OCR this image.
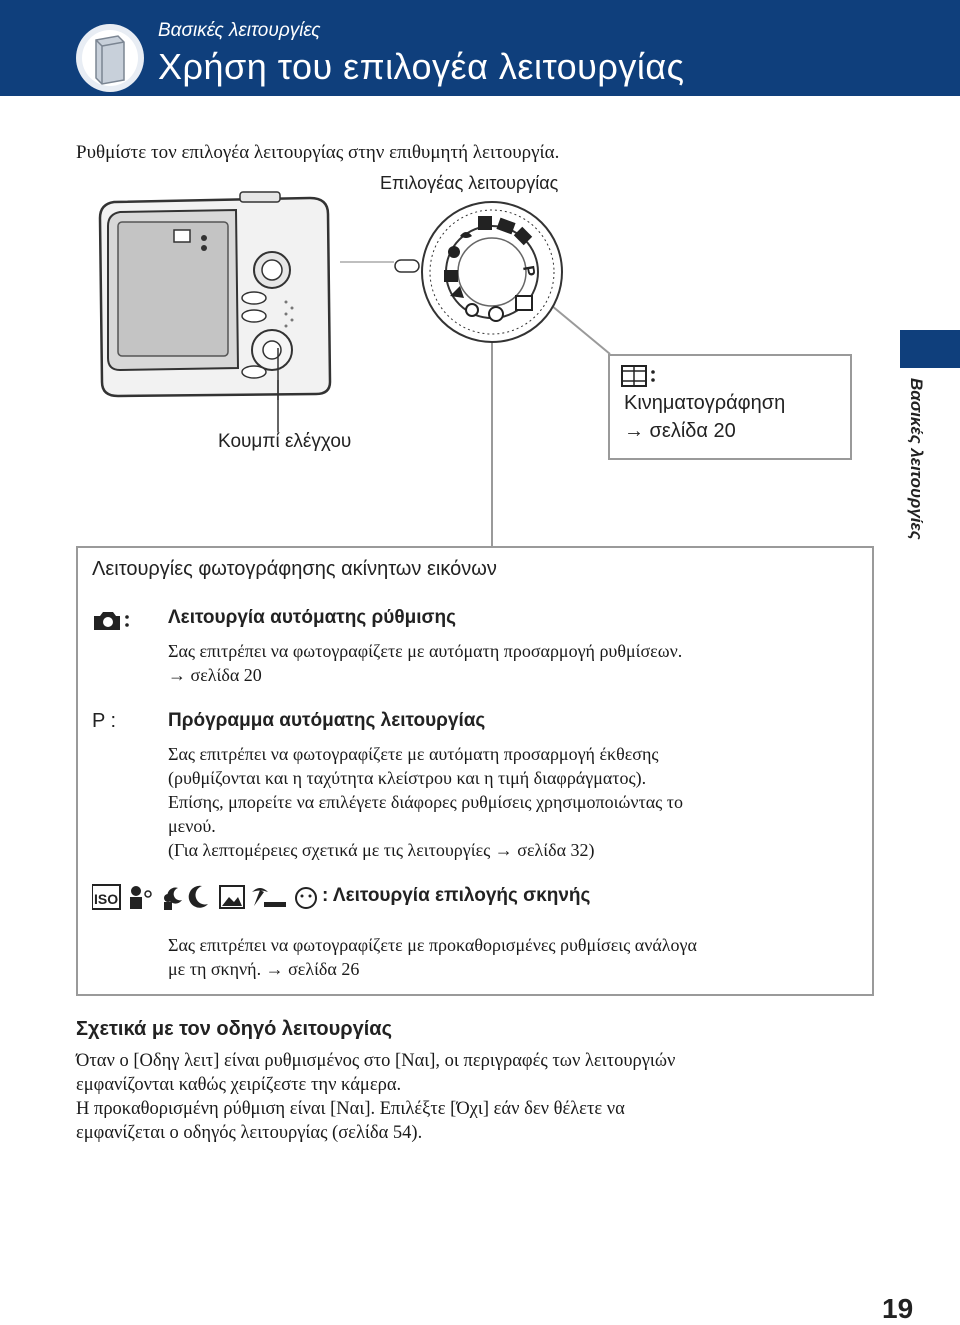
Βασικές λειτουργίες
Χρήση του επιλογέα λειτουργίας
Βασικές λειτουργίες
Ρυθμίστε τον επιλογέα λειτουργίας στην επιθυμητή λειτουργία.
Επιλογέας λειτουργίας
P
Κινηματογράφηση
→ σελίδα 20
Κουμπί ελέγχου
Λειτουργίες φωτογράφησης ακίνητων εικόνων
Λειτουργία αυτόματης ρύθμισης
Σας επιτρέπει να φωτογραφίζετε με αυτόματη προσαρμογή ρυθμίσεων.
→ σελίδα 20
P :	Πρόγραμμα αυτόματης λειτουργίας
Σας επιτρέπει να φωτογραφίζετε με αυτόματη προσαρμογή έκθεσης
(ρυθμίζονται και η ταχύτητα κλείστρου και η τιμή διαφράγματος).
Επίσης, μπορείτε να επιλέγετε διάφορες ρυθμίσεις χρησιμοποιώντας το
μενού.
(Για λεπτομέρειες σχετικά με τις λειτουργίες → σελίδα 32)
ISO	: Λειτουργία επιλογής σκηνής
Σας επιτρέπει να φωτογραφίζετε με προκαθορισμένες ρυθμίσεις ανάλογα
με τη σκηνή. → σελίδα 26
Σχετικά με τον οδηγό λειτουργίας
Όταν ο [Οδηγ λειτ] είναι ρυθμισμένος στο [Ναι], οι περιγραφές των λειτουργιών
εμφανίζονται καθώς χειρίζεστε την κάμερα.
Η προκαθορισμένη ρύθμιση είναι [Ναι]. Επιλέξτε [Όχι] εάν δεν θέλετε να
εμφανίζεται ο οδηγός λειτουργίας (σελίδα 54).
19
